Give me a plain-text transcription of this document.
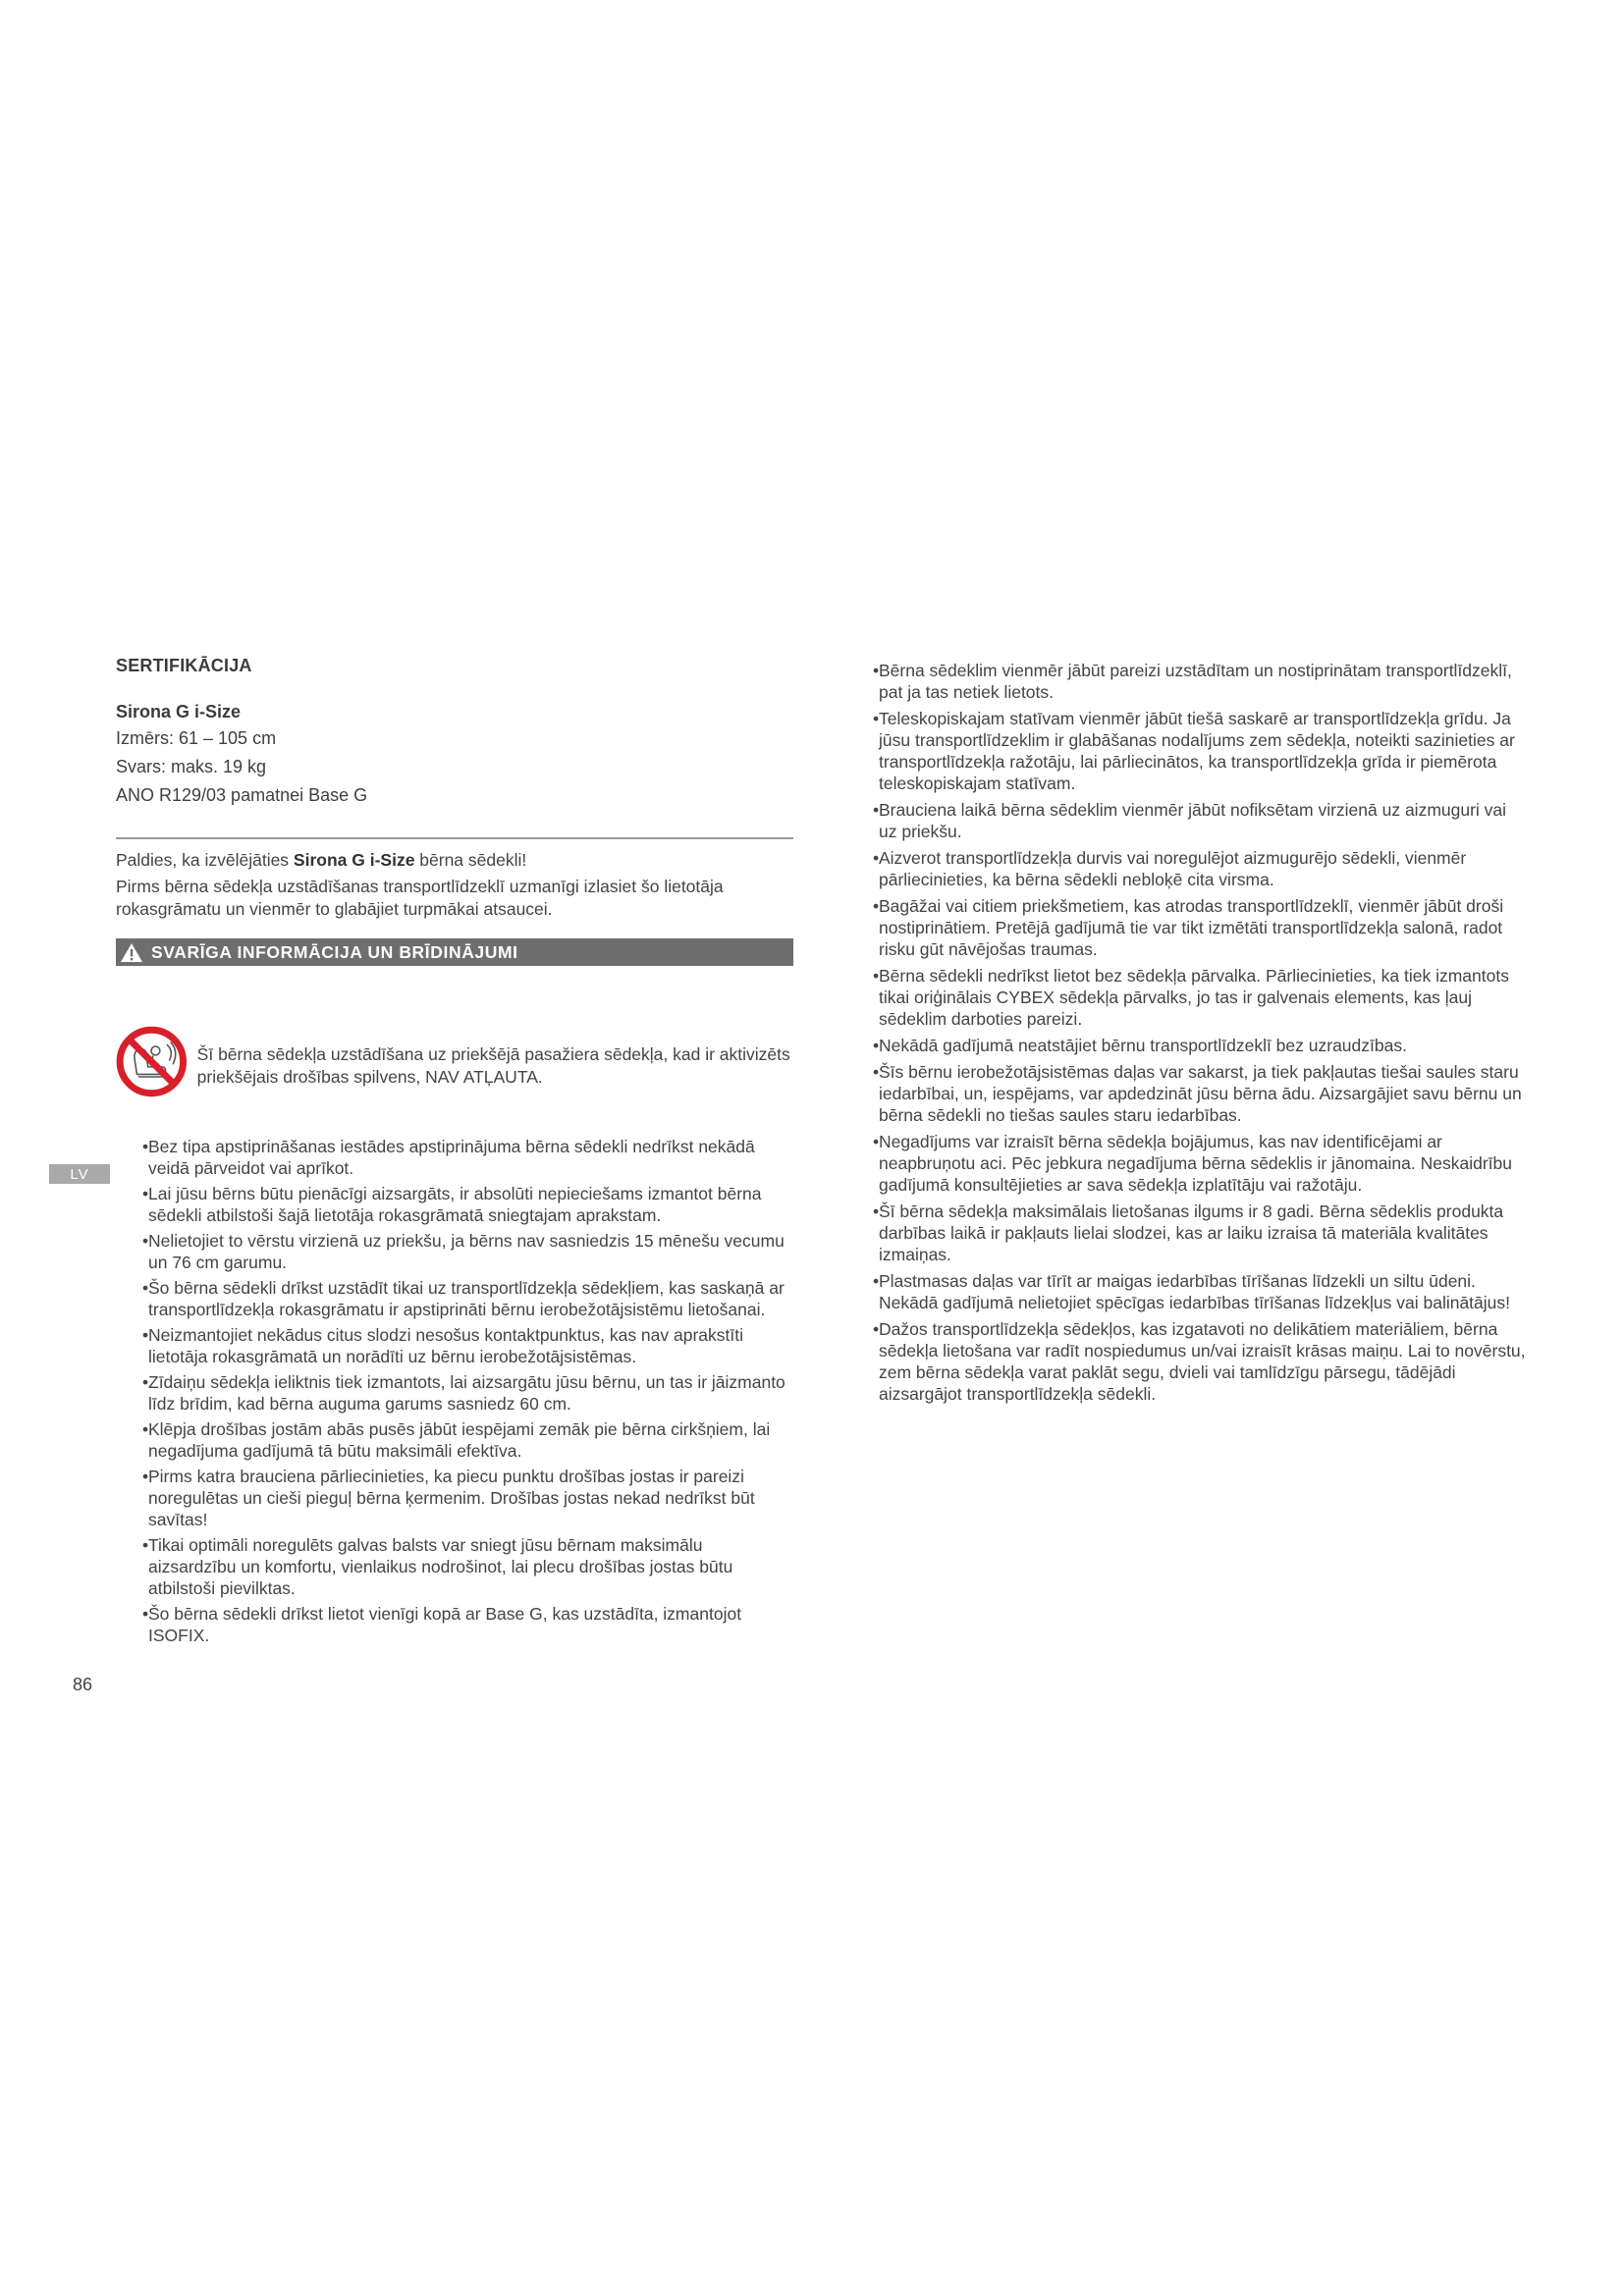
SERTIFIKĀCIJA
Sirona G i-Size
Izmērs: 61 – 105 cm
Svars: maks. 19 kg
ANO R129/03 pamatnei Base G
Paldies, ka izvēlējāties Sirona G i-Size bērna sēdekli!
Pirms bērna sēdekļa uzstādīšanas transportlīdzeklī uzmanīgi izlasiet šo lietotāja rokasgrāmatu un vienmēr to glabājiet turpmākai atsaucei.
SVARĪGA INFORMĀCIJA UN BRĪDINĀJUMI
Šī bērna sēdekļa uzstādīšana uz priekšējā pasažiera sēdekļa, kad ir aktivizēts priekšējais drošības spilvens, NAV ATĻAUTA.
• Bez tipa apstiprināšanas iestādes apstiprinājuma bērna sēdekli nedrīkst nekādā veidā pārveidot vai aprīkot.
• Lai jūsu bērns būtu pienācīgi aizsargāts, ir absolūti nepieciešams izmantot bērna sēdekli atbilstoši šajā lietotāja rokasgrāmatā sniegtajam aprakstam.
• Nelietojiet to vērstu virzienā uz priekšu, ja bērns nav sasniedzis 15 mēnešu vecumu un 76 cm garumu.
• Šo bērna sēdekli drīkst uzstādīt tikai uz transportlīdzekļa sēdekļiem, kas saskaņā ar transportlīdzekļa rokasgrāmatu ir apstiprināti bērnu ierobežotājsistēmu lietošanai.
• Neizmantojiet nekādus citus slodzi nesošus kontaktpunktus, kas nav aprakstīti lietotāja rokasgrāmatā un norādīti uz bērnu ierobežotājsistēmas.
• Zīdaiņu sēdekļa ieliktnis tiek izmantots, lai aizsargātu jūsu bērnu, un tas ir jāizmanto līdz brīdim, kad bērna auguma garums sasniedz 60 cm.
• Klēpja drošības jostām abās pusēs jābūt iespējami zemāk pie bērna cirkšņiem, lai negadījuma gadījumā tā būtu maksimāli efektīva.
• Pirms katra brauciena pārliecinieties, ka piecu punktu drošības jostas ir pareizi noregulētas un cieši pieguļ bērna ķermenim. Drošības jostas nekad nedrīkst būt savītas!
• Tikai optimāli noregulēts galvas balsts var sniegt jūsu bērnam maksimālu aizsardzību un komfortu, vienlaikus nodrošinot, lai plecu drošības jostas būtu atbilstoši pievilktas.
• Šo bērna sēdekli drīkst lietot vienīgi kopā ar Base G, kas uzstādīta, izmantojot ISOFIX.
• Bērna sēdeklim vienmēr jābūt pareizi uzstādītam un nostiprinātam transportlīdzeklī, pat ja tas netiek lietots.
• Teleskopiskajam statīvam vienmēr jābūt tiešā saskarē ar transportlīdzekļa grīdu. Ja jūsu transportlīdzeklim ir glabāšanas nodalījums zem sēdekļa, noteikti sazinieties ar transportlīdzekļa ražotāju, lai pārliecinātos, ka transportlīdzekļa grīda ir piemērota teleskopiskajam statīvam.
• Brauciena laikā bērna sēdeklim vienmēr jābūt nofiksētam virzienā uz aizmuguri vai uz priekšu.
• Aizverot transportlīdzekļa durvis vai noregulējot aizmugurējo sēdekli, vienmēr pārliecinieties, ka bērna sēdekli nebloķē cita virsma.
• Bagāžai vai citiem priekšmetiem, kas atrodas transportlīdzeklī, vienmēr jābūt droši nostiprinātiem. Pretējā gadījumā tie var tikt izmētāti transportlīdzekļa salonā, radot risku gūt nāvējošas traumas.
• Bērna sēdekli nedrīkst lietot bez sēdekļa pārvalka. Pārliecinieties, ka tiek izmantots tikai oriģinālais CYBEX sēdekļa pārvalks, jo tas ir galvenais elements, kas ļauj sēdeklim darboties pareizi.
• Nekādā gadījumā neatstājiet bērnu transportlīdzeklī bez uzraudzības.
• Šīs bērnu ierobežotājsistēmas daļas var sakarst, ja tiek pakļautas tiešai saules staru iedarbībai, un, iespējams, var apdedzināt jūsu bērna ādu. Aizsargājiet savu bērnu un bērna sēdekli no tiešas saules staru iedarbības.
• Negadījums var izraisīt bērna sēdekļa bojājumus, kas nav identificējami ar neapbruņotu aci. Pēc jebkura negadījuma bērna sēdeklis ir jānomaina. Neskaidrību gadījumā konsultējieties ar sava sēdekļa izplatītāju vai ražotāju.
• Šī bērna sēdekļa maksimālais lietošanas ilgums ir 8 gadi. Bērna sēdeklis produkta darbības laikā ir pakļauts lielai slodzei, kas ar laiku izraisa tā materiāla kvalitātes izmaiņas.
• Plastmasas daļas var tīrīt ar maigas iedarbības tīrīšanas līdzekli un siltu ūdeni. Nekādā gadījumā nelietojiet spēcīgas iedarbības tīrīšanas līdzekļus vai balinātājus!
• Dažos transportlīdzekļa sēdekļos, kas izgatavoti no delikātiem materiāliem, bērna sēdekļa lietošana var radīt nospiedumus un/vai izraisīt krāsas maiņu. Lai to novērstu, zem bērna sēdekļa varat paklāt segu, dvieli vai tamlīdzīgu pārsegu, tādējādi aizsargājot transportlīdzekļa sēdekli.
LV
86
